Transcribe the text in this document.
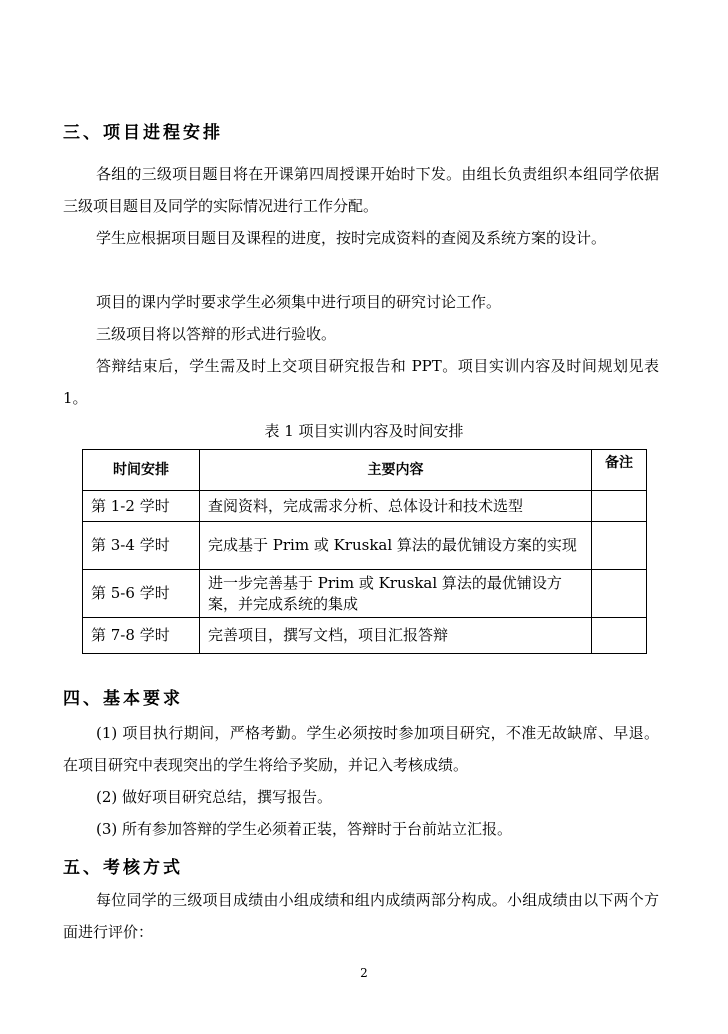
三、项目进程安排
各组的三级项目题目将在开课第四周授课开始时下发。由组长负责组织本组同学依据三级项目题目及同学的实际情况进行工作分配。
学生应根据项目题目及课程的进度，按时完成资料的查阅及系统方案的设计。
项目的课内学时要求学生必须集中进行项目的研究讨论工作。
三级项目将以答辩的形式进行验收。
答辩结束后，学生需及时上交项目研究报告和 PPT。项目实训内容及时间规划见表 1。
表 1 项目实训内容及时间安排
时间安排	主要内容	备注
第 1-2 学时	查阅资料，完成需求分析、总体设计和技术选型	
第 3-4 学时	完成基于 Prim 或 Kruskal 算法的最优铺设方案的实现	
第 5-6 学时	进一步完善基于 Prim 或 Kruskal 算法的最优铺设方案，并完成系统的集成	
第 7-8 学时	完善项目，撰写文档，项目汇报答辩	
四、基本要求
(1) 项目执行期间，严格考勤。学生必须按时参加项目研究，不准无故缺席、早退。在项目研究中表现突出的学生将给予奖励，并记入考核成绩。
(2) 做好项目研究总结，撰写报告。
(3) 所有参加答辩的学生必须着正装，答辩时于台前站立汇报。
五、考核方式
每位同学的三级项目成绩由小组成绩和组内成绩两部分构成。小组成绩由以下两个方面进行评价：
2
